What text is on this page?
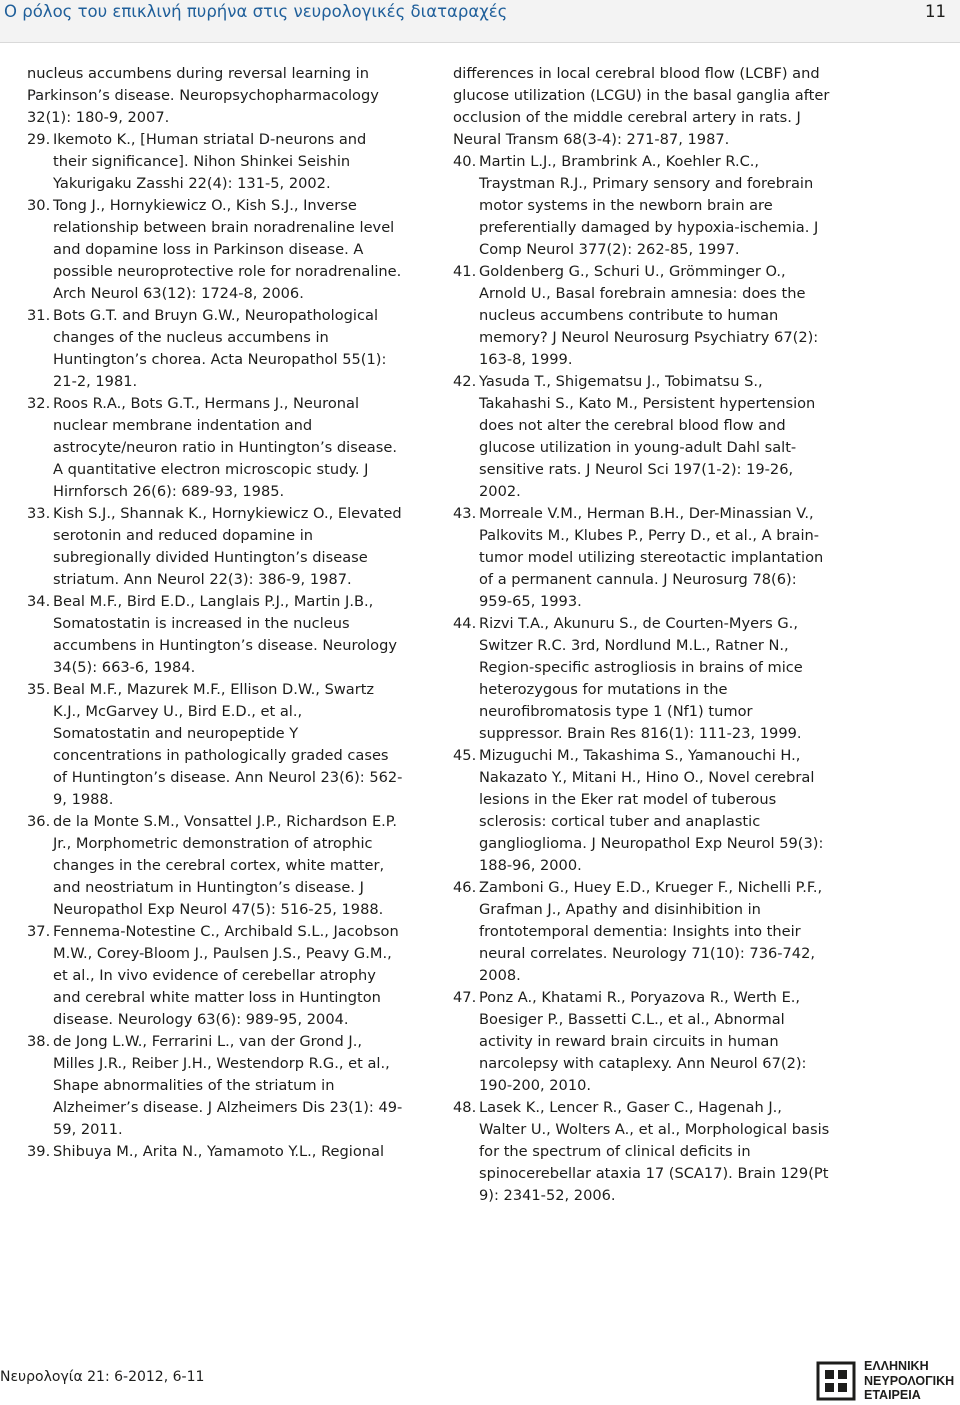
Ο ρόλος του επικλινή πυρήνα στις νευρολογικές διαταραχές	11

nucleus accumbens during reversal learning in Parkinson’s disease. Neuropsychopharmacology 32(1): 180-9, 2007.

29. Ikemoto K., [Human striatal D-neurons and their significance]. Nihon Shinkei Seishin Yakurigaku Zasshi 22(4): 131-5, 2002.

30. Tong J., Hornykiewicz O., Kish S.J., Inverse relationship between brain noradrenaline level and dopamine loss in Parkinson disease. A possible neuroprotective role for noradrenaline. Arch Neurol 63(12): 1724-8, 2006.

31. Bots G.T. and Bruyn G.W., Neuropathological changes of the nucleus accumbens in Huntington’s chorea. Acta Neuropathol 55(1): 21-2, 1981.

32. Roos R.A., Bots G.T., Hermans J., Neuronal nuclear membrane indentation and astrocyte/neuron ratio in Huntington’s disease. A quantitative electron microscopic study. J Hirnforsch 26(6): 689-93, 1985.

33. Kish S.J., Shannak K., Hornykiewicz O., Elevated serotonin and reduced dopamine in subregionally divided Huntington’s disease striatum. Ann Neurol 22(3): 386-9, 1987.

34. Beal M.F., Bird E.D., Langlais P.J., Martin J.B., Somatostatin is increased in the nucleus accumbens in Huntington’s disease. Neurology 34(5): 663-6, 1984.

35. Beal M.F., Mazurek M.F., Ellison D.W., Swartz K.J., McGarvey U., Bird E.D., et al., Somatostatin and neuropeptide Y concentrations in pathologically graded cases of Huntington’s disease. Ann Neurol 23(6): 562-9, 1988.

36. de la Monte S.M., Vonsattel J.P., Richardson E.P. Jr., Morphometric demonstration of atrophic changes in the cerebral cortex, white matter, and neostriatum in Huntington’s disease. J Neuropathol Exp Neurol 47(5): 516-25, 1988.

37. Fennema-Notestine C., Archibald S.L., Jacobson M.W., Corey-Bloom J., Paulsen J.S., Peavy G.M., et al., In vivo evidence of cerebellar atrophy and cerebral white matter loss in Huntington disease. Neurology 63(6): 989-95, 2004.

38. de Jong L.W., Ferrarini L., van der Grond J., Milles J.R., Reiber J.H., Westendorp R.G., et al., Shape abnormalities of the striatum in Alzheimer’s disease. J Alzheimers Dis 23(1): 49-59, 2011.

39. Shibuya M., Arita N., Yamamoto Y.L., Regional

differences in local cerebral blood flow (LCBF) and glucose utilization (LCGU) in the basal ganglia after occlusion of the middle cerebral artery in rats. J Neural Transm 68(3-4): 271-87, 1987.

40. Martin L.J., Brambrink A., Koehler R.C., Traystman R.J., Primary sensory and forebrain motor systems in the newborn brain are preferentially damaged by hypoxia-ischemia. J Comp Neurol 377(2): 262-85, 1997.

41. Goldenberg G., Schuri U., Grömminger O., Arnold U., Basal forebrain amnesia: does the nucleus accumbens contribute to human memory? J Neurol Neurosurg Psychiatry 67(2): 163-8, 1999.

42. Yasuda T., Shigematsu J., Tobimatsu S., Takahashi S., Kato M., Persistent hypertension does not alter the cerebral blood flow and glucose utilization in young-adult Dahl salt-sensitive rats. J Neurol Sci 197(1-2): 19-26, 2002.

43. Morreale V.M., Herman B.H., Der-Minassian V., Palkovits M., Klubes P., Perry D., et al., A brain-tumor model utilizing stereotactic implantation of a permanent cannula. J Neurosurg 78(6): 959-65, 1993.

44. Rizvi T.A., Akunuru S., de Courten-Myers G., Switzer R.C. 3rd, Nordlund M.L., Ratner N., Region-specific astrogliosis in brains of mice heterozygous for mutations in the neurofibromatosis type 1 (Nf1) tumor suppressor. Brain Res 816(1): 111-23, 1999.

45. Mizuguchi M., Takashima S., Yamanouchi H., Nakazato Y., Mitani H., Hino O., Novel cerebral lesions in the Eker rat model of tuberous sclerosis: cortical tuber and anaplastic ganglioglioma. J Neuropathol Exp Neurol 59(3): 188-96, 2000.

46. Zamboni G., Huey E.D., Krueger F., Nichelli P.F., Grafman J., Apathy and disinhibition in frontotemporal dementia: Insights into their neural correlates. Neurology 71(10): 736-742, 2008.

47. Ponz A., Khatami R., Poryazova R., Werth E., Boesiger P., Bassetti C.L., et al., Abnormal activity in reward brain circuits in human narcolepsy with cataplexy. Ann Neurol 67(2): 190-200, 2010.

48. Lasek K., Lencer R., Gaser C., Hagenah J., Walter U., Wolters A., et al., Morphological basis for the spectrum of clinical deficits in spinocerebellar ataxia 17 (SCA17). Brain 129(Pt 9): 2341-52, 2006.

Νευρολογία 21: 6-2012, 6-11
ΕΛΛΗΝΙΚΗ
ΝΕΥΡΟΛΟΓΙΚΗ
ΕΤΑΙΡΕΙΑ
